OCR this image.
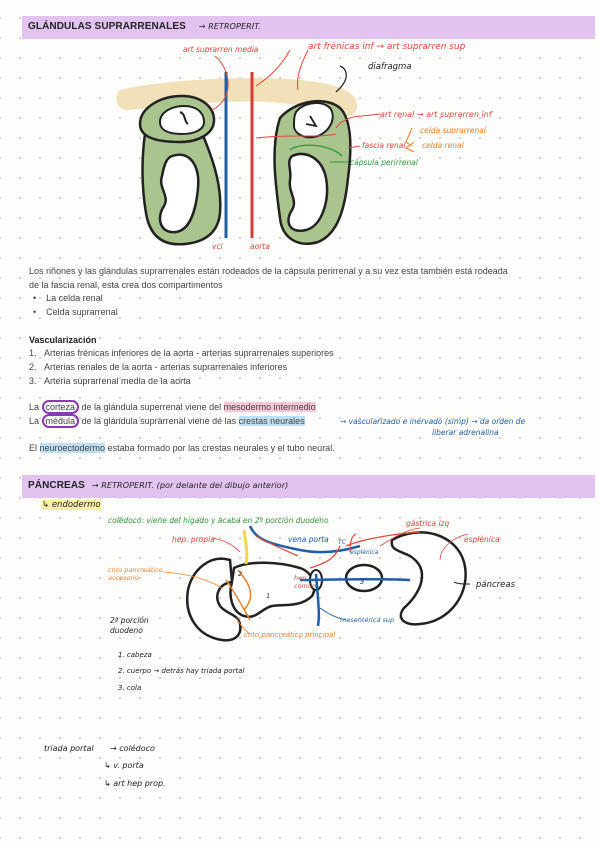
GLÁNDULAS SUPRARRENALES → RETROPERIT.
art suprarren media	art frénicas inf → art suprarren sup
diafragma
art renal → art suprarren inf
celda suprarrenal
fascia renal celda renal
cápsula perirrenal
vci	aorta
Los riñones y las glándulas suprarrenales están rodeados de la cápsula perirrenal y a su vez esta también está rodeada
de la fascia renal, esta crea dos compartimentos
•    La celda renal
•    Celda suprarrenal
Vascularización
1.   Arterias frénicas inferiores de la aorta - arterias suprarrenales superiores
2.   Arterias renales de la aorta - arterias suprarrenales inferiores
3.   Arteria suprarrenal media de la aorta
La corteza de la glándula superrenal viene del mesodermo intermedio
La médula de la glándula suprarrenal viene de las crestas neurales	→ vascularizado e inervado (simp) → da orden de
liberar adrenalina
El neuroectodermo estaba formado por las crestas neurales y el tubo neural.
PÁNCREAS → RETROPERIT. (por delante del dibujo anterior)
↳ endodermo
colédoco: viene del hígado y acaba en 2ª porción duodeno	gástrica izq
hep. propia	vena porta TC	esplénica
esplénica
cnto pancreático accesorio
1
2
3
hep. común	páncreas
2ª porción duodeno
mesentérica sup
cnto pancreático principal
1. cabeza
2. cuerpo → detrás hay triada portal
3. cola
triada portal → colédoco
↳ v. porta
↳ art hep prop.
